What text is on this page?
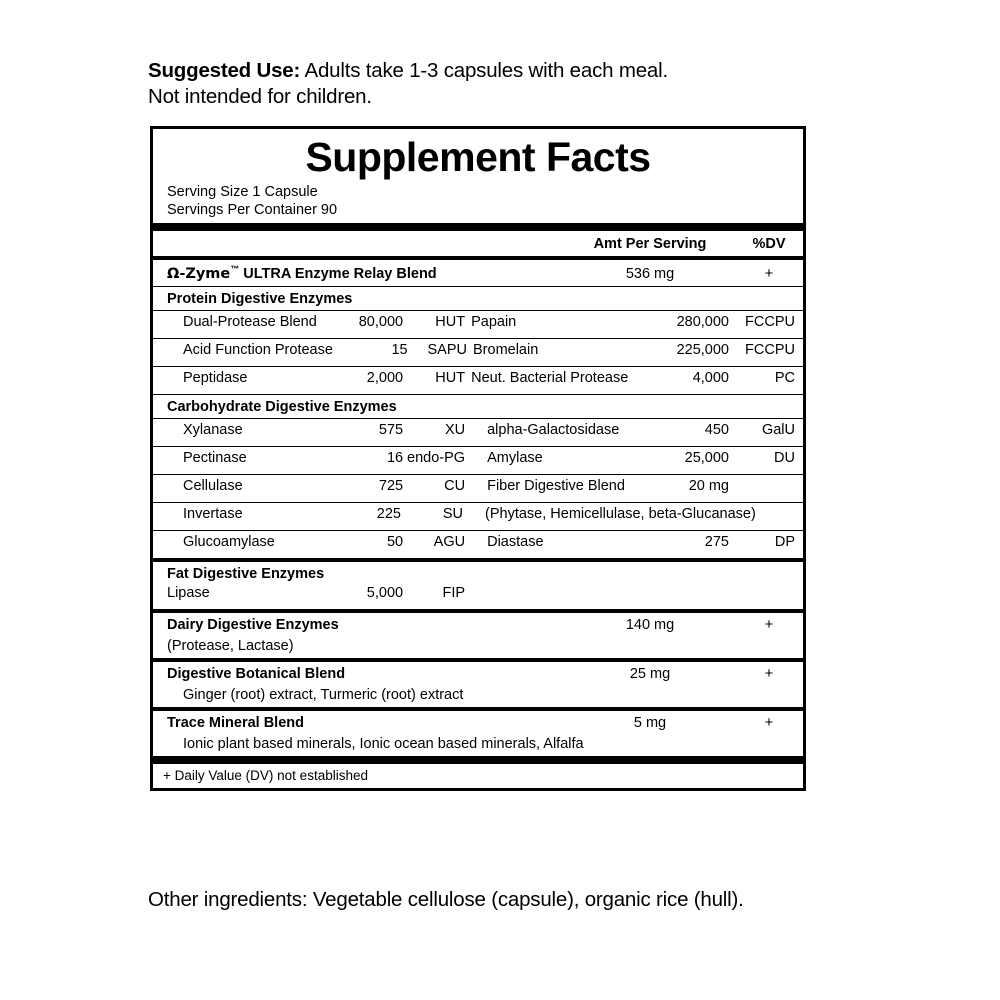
Suggested Use: Adults take 1-3 capsules with each meal.
Not intended for children.
Supplement Facts
Serving Size 1 Capsule
Servings Per Container 90
Amt Per Serving	%DV
Ω-Zyme™ ULTRA Enzyme Relay Blend	536 mg	+
Protein Digestive Enzymes
Dual-Protease Blend	80,000	HUT Papain	280,000	FCCPU
Acid Function Protease	15	SAPU Bromelain	225,000	FCCPU
Peptidase	2,000	HUT Neut. Bacterial Protease	4,000	PC
Carbohydrate Digestive Enzymes
Xylanase	575	XU	alpha-Galactosidase	450	GalU
Pectinase	16 endo-PG	Amylase	25,000	DU
Cellulase	725	CU	Fiber Digestive Blend	20 mg
Invertase	225	SU	(Phytase, Hemicellulase, beta-Glucanase)
Glucoamylase	50	AGU	Diastase	275	DP
Fat Digestive Enzymes
Lipase	5,000	FIP
Dairy Digestive Enzymes	140 mg	+
(Protease, Lactase)
Digestive Botanical Blend	25 mg	+
Ginger (root) extract, Turmeric (root) extract
Trace Mineral Blend	5 mg	+
Ionic plant based minerals, Ionic ocean based minerals, Alfalfa
+ Daily Value (DV) not established
Other ingredients: Vegetable cellulose (capsule), organic rice (hull).
